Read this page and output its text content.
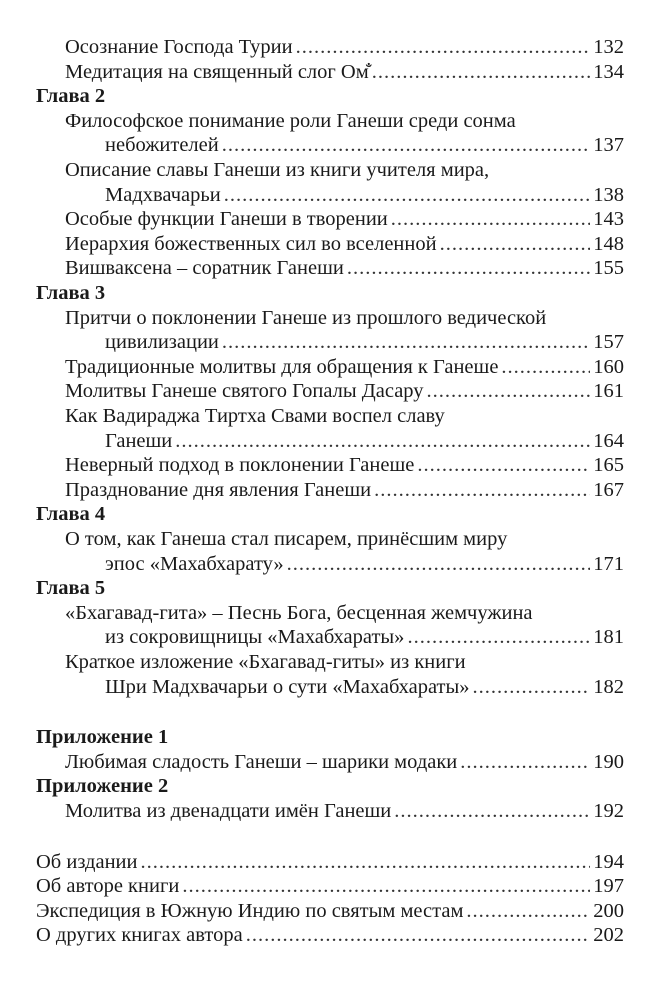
Осознание Господа Турии .....	132
Медитация на священный слог Ом̐ .....	134
Глава 2
Философское понимание роли Ганеши среди сонма
небожителей .....	137
Описание славы Ганеши из книги учителя мира,
Мадхвачарьи .....	138
Особые функции Ганеши в творении .....	143
Иерархия божественных сил во вселенной .....	148
Вишваксена – соратник Ганеши .....	155
Глава 3
Притчи о поклонении Ганеше из прошлого ведической
цивилизации .....	157
Традиционные молитвы для обращения к Ганеше .....	160
Молитвы Ганеше святого Гопалы Дасару .....	161
Как Вадираджа Тиртха Свами воспел славу
Ганеши .....	164
Неверный подход в поклонении Ганеше .....	165
Празднование дня явления Ганеши .....	167
Глава 4
О том, как Ганеша стал писарем, принёсшим миру
эпос «Махабхарату» .....	171
Глава 5
«Бхагавад-гита» – Песнь Бога, бесценная жемчужина
из сокровищницы «Махабхараты» .....	181
Краткое изложение «Бхагавад-гиты» из книги
Шри Мадхвачарьи о сути «Махабхараты» .....	182
Приложение 1
Любимая сладость Ганеши – шарики модаки .....	190
Приложение 2
Молитва из двенадцати имён Ганеши .....	192
Об издании .....	194
Об авторе книги .....	197
Экспедиция в Южную Индию по святым местам .....	200
О других книгах автора .....	202
